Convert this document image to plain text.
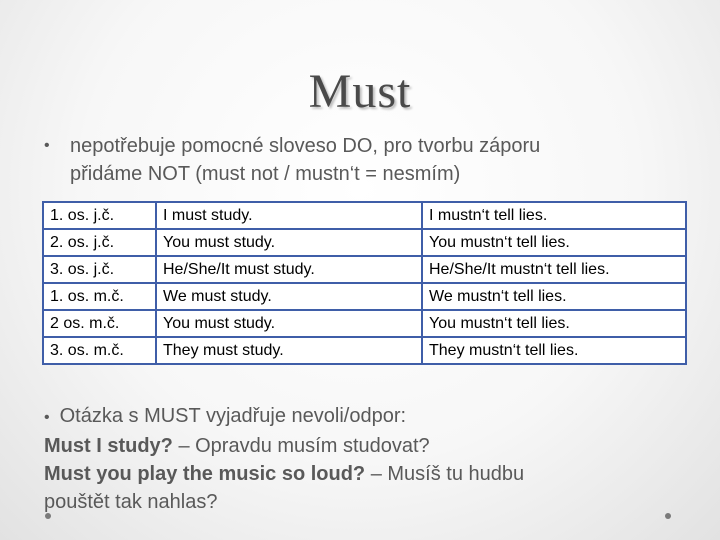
Must
•	nepotřebuje pomocné sloveso DO, pro tvorbu záporu
přidáme NOT (must not / mustn‘t = nesmím)
1. os. j.č.	I must study.	I mustn‘t tell lies.
2. os. j.č.	You must study.	You mustn‘t tell lies.
3. os. j.č.	He/She/It must study.	He/She/It mustn‘t tell lies.
1. os. m.č.	We must study.	We mustn‘t tell lies.
2 os. m.č.	You must study.	You mustn‘t tell lies.
3. os. m.č.	They must study.	They mustn‘t tell lies.
• Otázka s MUST vyjadřuje nevoli/odpor:
Must I study? – Opravdu musím studovat?
Must you play the music so loud? – Musíš tu hudbu
pouštět tak nahlas?
